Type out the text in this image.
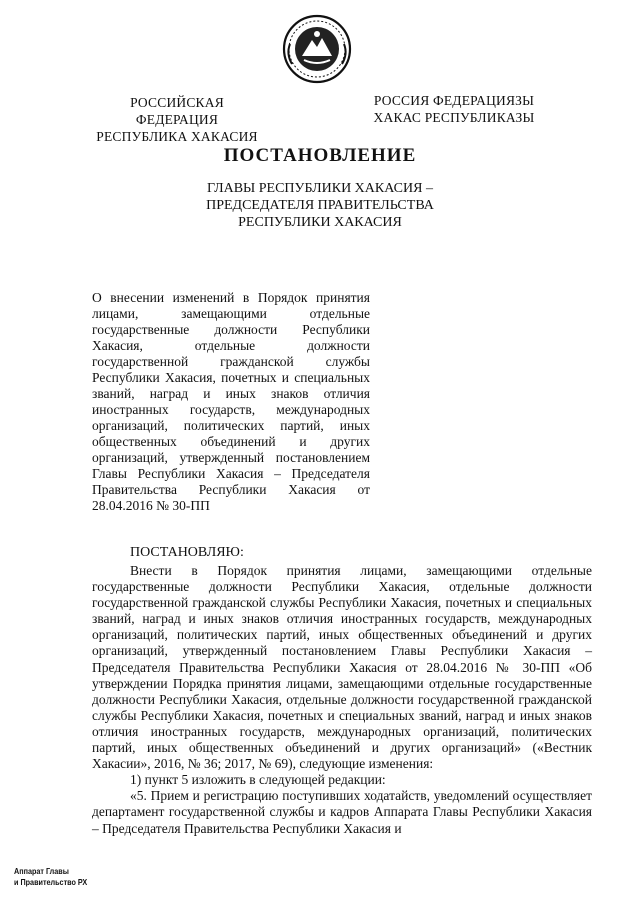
РОССИЙСКАЯ ФЕДЕРАЦИЯ
РЕСПУБЛИКА ХАКАСИЯ
РОССИЯ ФЕДЕРАЦИЯЗЫ
ХАКАС РЕСПУБЛИКАЗЫ
ПОСТАНОВЛЕНИЕ
ГЛАВЫ РЕСПУБЛИКИ ХАКАСИЯ –
ПРЕДСЕДАТЕЛЯ ПРАВИТЕЛЬСТВА
РЕСПУБЛИКИ ХАКАСИЯ
О внесении изменений в Порядок принятия лицами, замещающими отдельные государственные должности Республики Хакасия, отдельные должности государственной гражданской службы Республики Хакасия, почетных и специальных званий, наград и иных знаков отличия иностранных государств, международных организаций, политических партий, иных общественных объединений и других организаций, утвержденный постановлением Главы Республики Хакасия – Председателя Правительства Республики Хакасия от 28.04.2016 № 30-ПП
ПОСТАНОВЛЯЮ:

Внести в Порядок принятия лицами, замещающими отдельные государственные должности Республики Хакасия, отдельные должности государственной гражданской службы Республики Хакасия, почетных и специальных званий, наград и иных знаков отличия иностранных государств, международных организаций, политических партий, иных общественных объединений и других организаций, утвержденный постановлением Главы Республики Хакасия – Председателя Правительства Республики Хакасия от 28.04.2016 № 30-ПП «Об утверждении Порядка принятия лицами, замещающими отдельные государственные должности Республики Хакасия, отдельные должности государственной гражданской службы Республики Хакасия, почетных и специальных званий, наград и иных знаков отличия иностранных государств, международных организаций, политических партий, иных общественных объединений и других организаций» («Вестник Хакасии», 2016, № 36; 2017, № 69), следующие изменения:

1) пункт 5 изложить в следующей редакции:

«5. Прием и регистрацию поступивших ходатайств, уведомлений осуществляет департамент государственной службы и кадров Аппарата Главы Республики Хакасия – Председателя Правительства Республики Хакасия и

Аппарат Главы
и Правительство РХ
